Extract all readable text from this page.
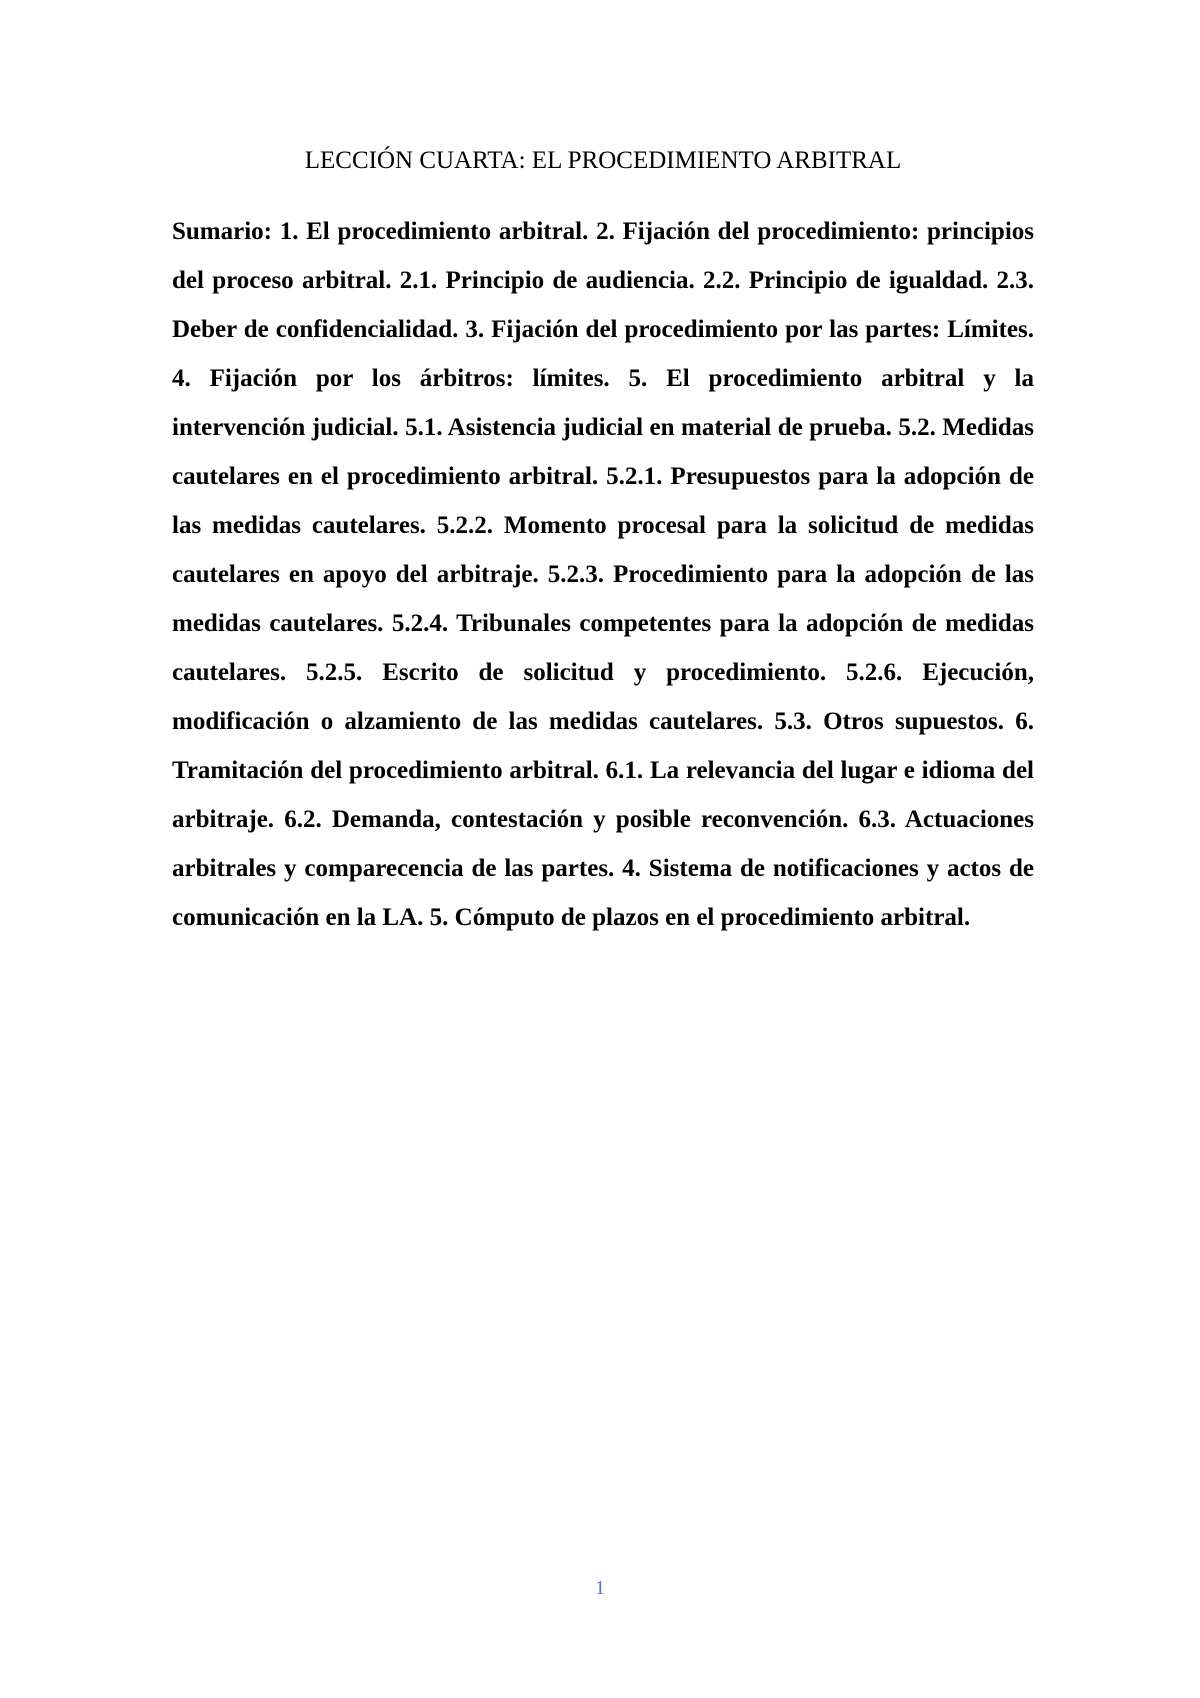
LECCIÓN CUARTA: EL PROCEDIMIENTO ARBITRAL

Sumario: 1. El procedimiento arbitral. 2. Fijación del procedimiento: principios del proceso arbitral. 2.1. Principio de audiencia. 2.2. Principio de igualdad. 2.3. Deber de confidencialidad. 3. Fijación del procedimiento por las partes: Límites. 4. Fijación por los árbitros: límites. 5. El procedimiento arbitral y la intervención judicial. 5.1. Asistencia judicial en material de prueba. 5.2. Medidas cautelares en el procedimiento arbitral. 5.2.1. Presupuestos para la adopción de las medidas cautelares. 5.2.2. Momento procesal para la solicitud de medidas cautelares en apoyo del arbitraje. 5.2.3. Procedimiento para la adopción de las medidas cautelares. 5.2.4. Tribunales competentes para la adopción de medidas cautelares. 5.2.5. Escrito de solicitud y procedimiento. 5.2.6. Ejecución, modificación o alzamiento de las medidas cautelares. 5.3. Otros supuestos. 6. Tramitación del procedimiento arbitral. 6.1. La relevancia del lugar e idioma del arbitraje. 6.2. Demanda, contestación y posible reconvención. 6.3. Actuaciones arbitrales y comparecencia de las partes. 4. Sistema de notificaciones y actos de comunicación en la LA. 5. Cómputo de plazos en el procedimiento arbitral.

1
